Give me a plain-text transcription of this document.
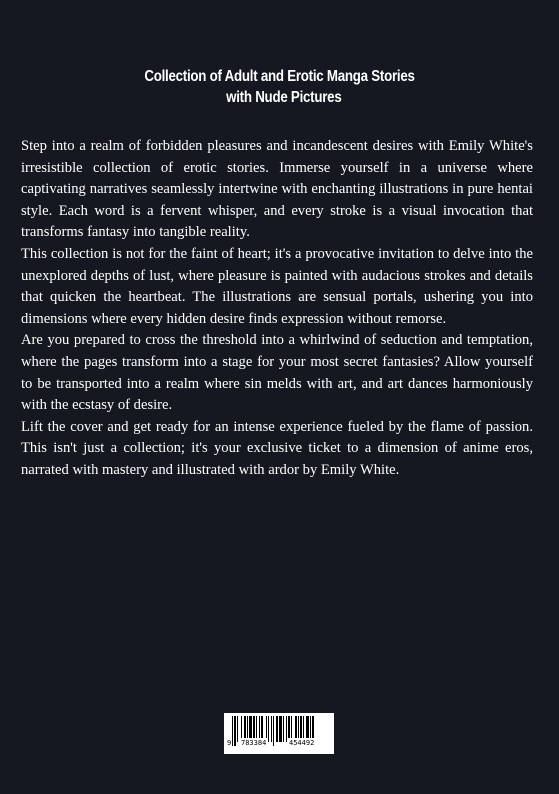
Collection of Adult and Erotic Manga Stories
with Nude Pictures

Step into a realm of forbidden pleasures and incandescent desires with Emily White's irresistible collection of erotic stories. Immerse yourself in a universe where captivating narratives seamlessly intertwine with enchanting illustrations in pure hentai style. Each word is a fervent whisper, and every stroke is a visual invocation that transforms fantasy into tangible reality.

This collection is not for the faint of heart; it's a provocative invitation to delve into the unexplored depths of lust, where pleasure is painted with audacious strokes and details that quicken the heartbeat. The illustrations are sensual portals, ushering you into dimensions where every hidden desire finds expression without remorse.

Are you prepared to cross the threshold into a whirlwind of seduction and temptation, where the pages transform into a stage for your most secret fantasies? Allow yourself to be transported into a realm where sin melds with art, and art dances harmoniously with the ecstasy of desire.

Lift the cover and get ready for an intense experience fueled by the flame of passion. This isn't just a collection; it's your exclusive ticket to a dimension of anime eros, narrated with mastery and illustrated with ardor by Emily White.

9 783384	454492
